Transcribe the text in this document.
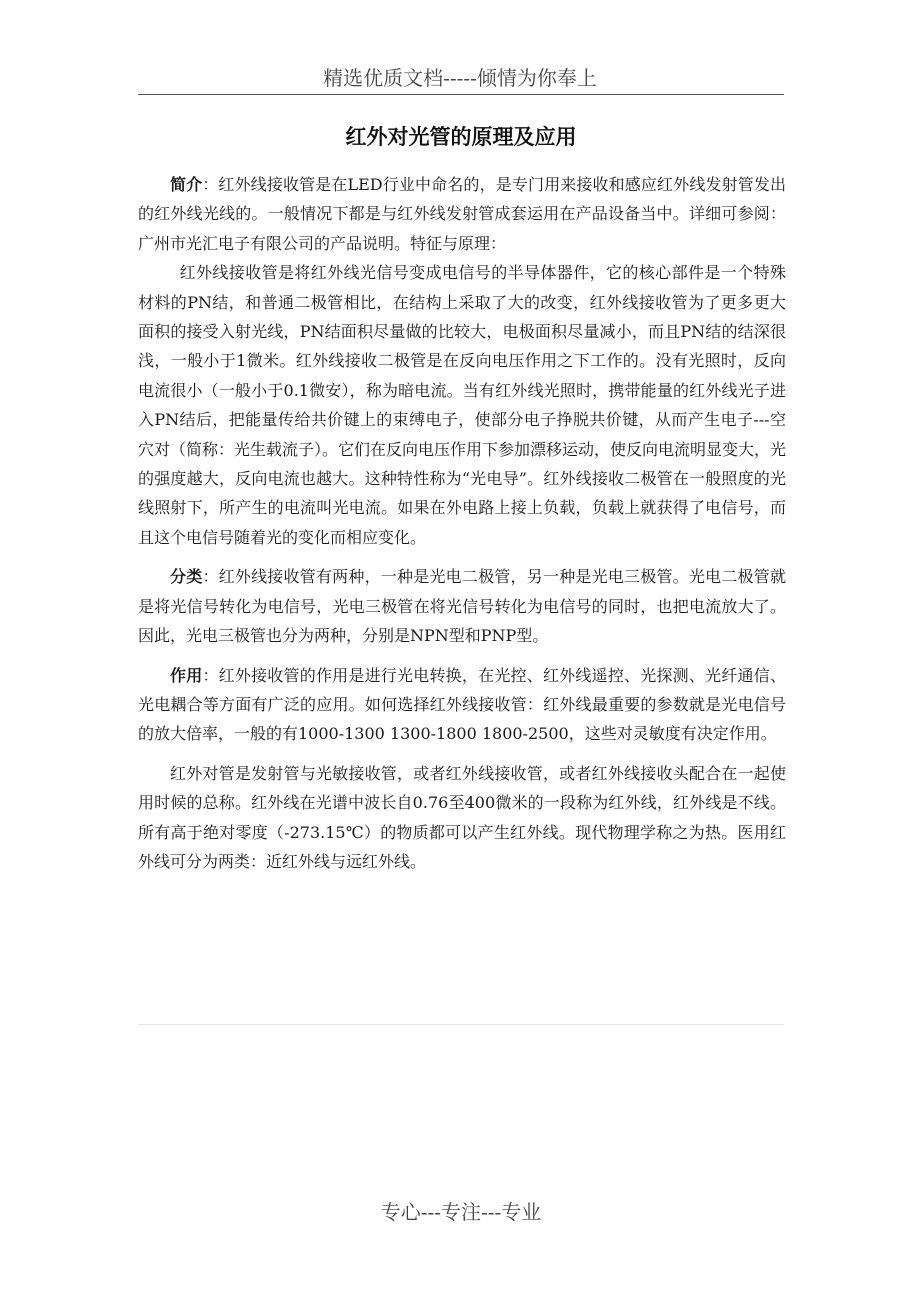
精选优质文档-----倾情为你奉上
红外对光管的原理及应用

简介：红外线接收管是在LED行业中命名的，是专门用来接收和感应红外线发射管发出的红外线光线的。一般情况下都是与红外线发射管成套运用在产品设备当中。详细可参阅：广州市光汇电子有限公司的产品说明。特征与原理：

红外线接收管是将红外线光信号变成电信号的半导体器件，它的核心部件是一个特殊材料的PN结，和普通二极管相比，在结构上采取了大的改变，红外线接收管为了更多更大面积的接受入射光线，PN结面积尽量做的比较大，电极面积尽量减小，而且PN结的结深很浅，一般小于1微米。红外线接收二极管是在反向电压作用之下工作的。没有光照时，反向电流很小（一般小于0.1微安），称为暗电流。当有红外线光照时，携带能量的红外线光子进入PN结后，把能量传给共价键上的束缚电子，使部分电子挣脱共价键，从而产生电子---空穴对（简称：光生载流子）。它们在反向电压作用下参加漂移运动，使反向电流明显变大，光的强度越大，反向电流也越大。这种特性称为“光电导”。红外线接收二极管在一般照度的光线照射下，所产生的电流叫光电流。如果在外电路上接上负载，负载上就获得了电信号，而且这个电信号随着光的变化而相应变化。

分类：红外线接收管有两种，一种是光电二极管，另一种是光电三极管。光电二极管就是将光信号转化为电信号，光电三极管在将光信号转化为电信号的同时，也把电流放大了。因此，光电三极管也分为两种，分别是NPN型和PNP型。

作用：红外接收管的作用是进行光电转换，在光控、红外线遥控、光探测、光纤通信、光电耦合等方面有广泛的应用。如何选择红外线接收管：红外线最重要的参数就是光电信号的放大倍率，一般的有1000-1300 1300-1800 1800-2500，这些对灵敏度有决定作用。

红外对管是发射管与光敏接收管，或者红外线接收管，或者红外线接收头配合在一起使用时候的总称。红外线在光谱中波长自0.76至400微米的一段称为红外线，红外线是不线。所有高于绝对零度（-273.15℃）的物质都可以产生红外线。现代物理学称之为热。医用红外线可分为两类：近红外线与远红外线。

专心---专注---专业
